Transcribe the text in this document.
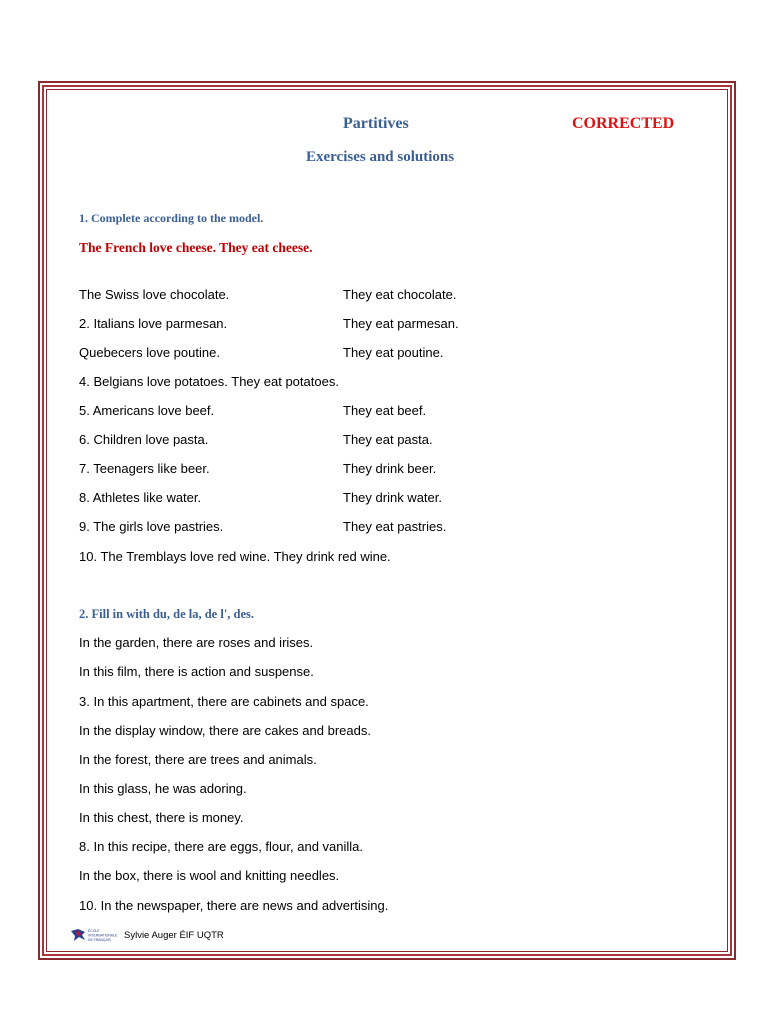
Partitives	CORRECTED
Exercises and solutions
1. Complete according to the model.
The French love cheese. They eat cheese.
The Swiss love chocolate.	They eat chocolate.
2. Italians love parmesan.	They eat parmesan.
Quebecers love poutine.	They eat poutine.
4. Belgians love potatoes. They eat potatoes.
5. Americans love beef.	They eat beef.
6. Children love pasta.	They eat pasta.
7. Teenagers like beer.	They drink beer.
8. Athletes like water.	They drink water.
9. The girls love pastries.	They eat pastries.
10. The Tremblays love red wine. They drink red wine.
2. Fill in with du, de la, de l', des.
In the garden, there are roses and irises.
In this film, there is action and suspense.
3. In this apartment, there are cabinets and space.
In the display window, there are cakes and breads.
In the forest, there are trees and animals.
In this glass, he was adoring.
In this chest, there is money.
8. In this recipe, there are eggs, flour, and vanilla.
In the box, there is wool and knitting needles.
10. In the newspaper, there are news and advertising.
ÉCOLE
INTERNATIONALE
DE FRANÇAIS Sylvie Auger ÉIF UQTR
